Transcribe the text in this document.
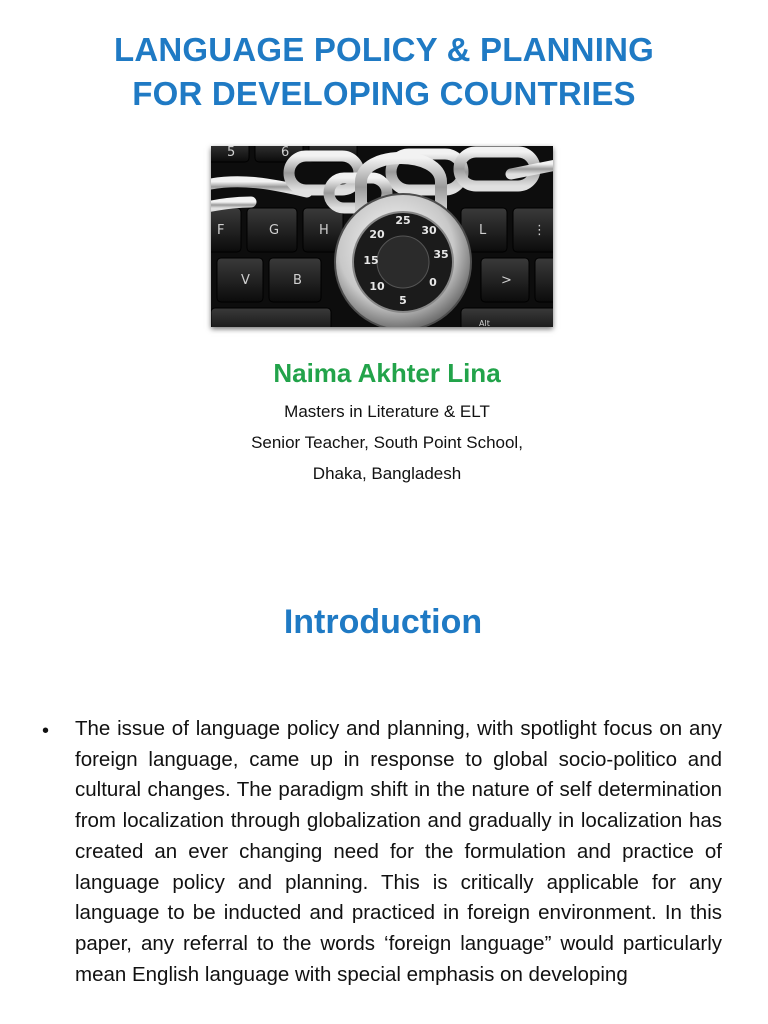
LANGUAGE POLICY & PLANNING
FOR DEVELOPING COUNTRIES
5	6
F	G	H	L	⋮
V	B	>
Alt
25
30
35
0
5
10
15
20
Naima Akhter Lina
Masters in Literature & ELT
Senior Teacher, South Point School,
Dhaka, Bangladesh
Introduction
• The issue of language policy and planning, with spotlight focus on any foreign language, came up in response to global socio-politico and cultural changes. The paradigm shift in the nature of self determination from localization through globalization and gradually in localization has created an ever changing need for the formulation and practice of language policy and planning. This is critically applicable for any language to be inducted and practiced in foreign environment. In this paper, any referral to the words ‘foreign language” would particularly mean English language with special emphasis on developing
